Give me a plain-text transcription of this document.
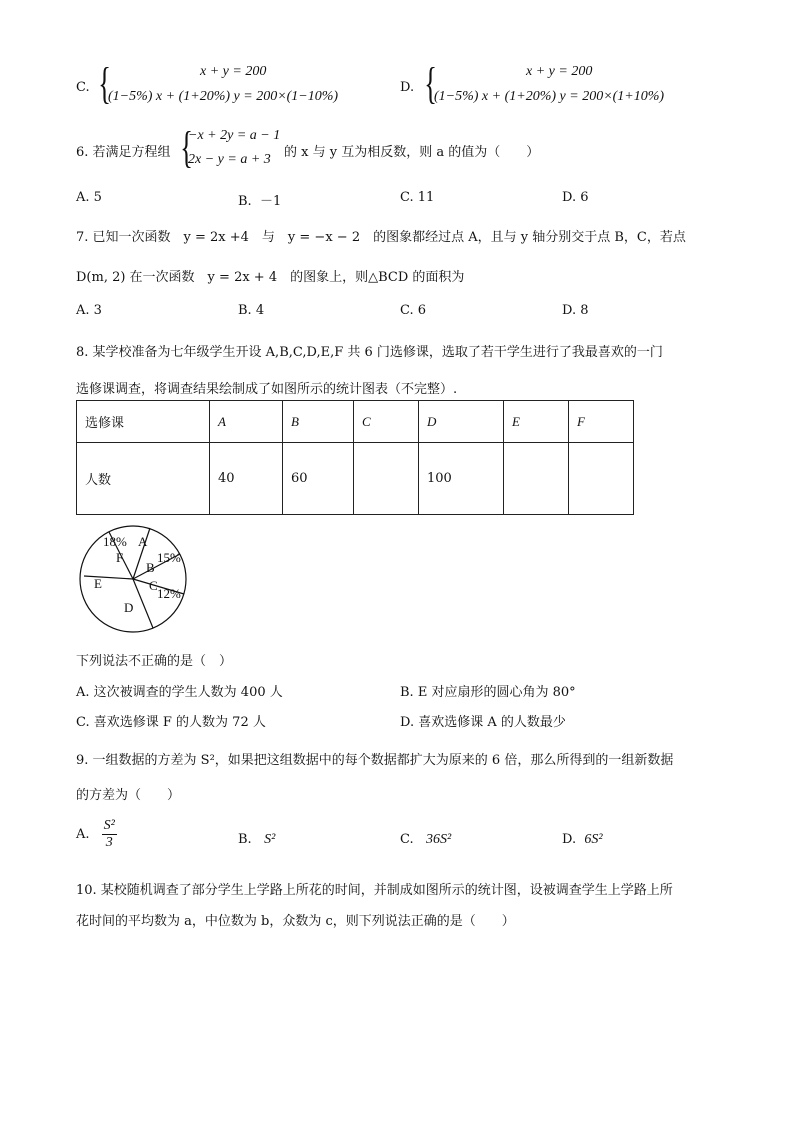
C. {	x + y = 200
(1−5%) x + (1+20%) y = 200×(1−10%)
D. {	x + y = 200
(1−5%) x + (1+20%) y = 200×(1+10%)
6. 若满足方程组 {
−x + 2y = a − 1
2x − y = a + 3 的 x 与 y 互为相反数，则 a 的值为（　　）
A. 5	B. －1	C. 11	D. 6
7. 已知一次函数　y = 2x +4　与　y = −x − 2　的图象都经过点 A，且与 y 轴分别交于点 B，C，若点
D(m, 2) 在一次函数　y = 2x + 4　的图象上，则△BCD 的面积为
A. 3	B. 4	C. 6	D. 8
8. 某学校准备为七年级学生开设 A,B,C,D,E,F 共 6 门选修课，选取了若干学生进行了我最喜欢的一门
选修课调查，将调查结果绘制成了如图所示的统计图表（不完整）.
选修课	A	B	C	D	E	F
人数	40	60		100		
18%
F
A
15%
B
C
12%
D
E
下列说法不正确的是（　）
A. 这次被调查的学生人数为 400 人	B. E 对应扇形的圆心角为 80°
C. 喜欢选修课 F 的人数为 72 人	D. 喜欢选修课 A 的人数最少
9. 一组数据的方差为 S²，如果把这组数据中的每个数据都扩大为原来的 6 倍，那么所得到的一组新数据
的方差为（　　）
A. $\frac{\text{S²}}{3}$	B. S²	C. 36S²	D. 6S²
10. 某校随机调查了部分学生上学路上所花的时间，并制成如图所示的统计图，设被调查学生上学路上所
花时间的平均数为 a，中位数为 b，众数为 c，则下列说法正确的是（　　）
